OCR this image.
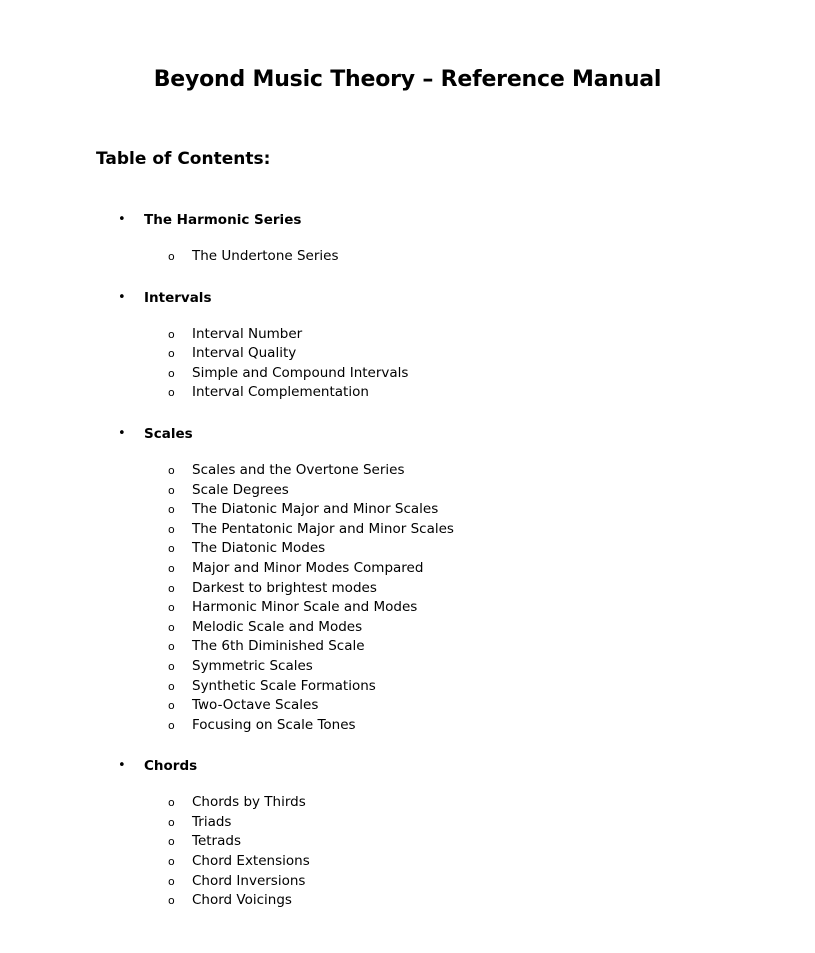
Beyond Music Theory – Reference Manual
Table of Contents:
• The Harmonic Series
o The Undertone Series
• Intervals
o Interval Number
o Interval Quality
o Simple and Compound Intervals
o Interval Complementation
• Scales
o Scales and the Overtone Series
o Scale Degrees
o The Diatonic Major and Minor Scales
o The Pentatonic Major and Minor Scales
o The Diatonic Modes
o Major and Minor Modes Compared
o Darkest to brightest modes
o Harmonic Minor Scale and Modes
o Melodic Scale and Modes
o The 6th Diminished Scale
o Symmetric Scales
o Synthetic Scale Formations
o Two-Octave Scales
o Focusing on Scale Tones
• Chords
o Chords by Thirds
o Triads
o Tetrads
o Chord Extensions
o Chord Inversions
o Chord Voicings
